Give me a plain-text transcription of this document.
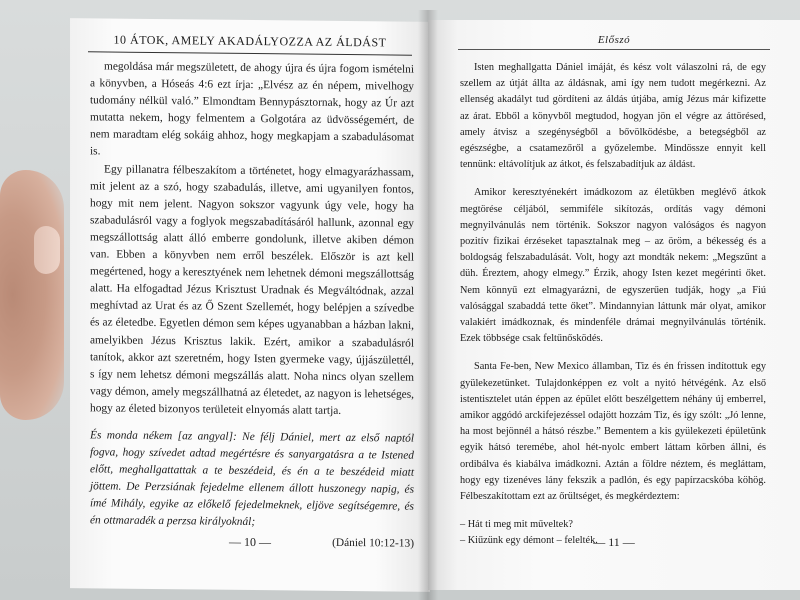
10 ÁTOK, AMELY AKADÁLYOZZA AZ ÁLDÁST

megoldása már megszületett, de ahogy újra és újra fogom ismételni a könyvben, a Hóseás 4:6 ezt írja: „Elvész az én népem, mivelhogy tudomány nélkül való.” Elmondtam Bennypásztornak, hogy az Úr azt mutatta nekem, hogy felmentem a Golgotára az üdvösségemért, de nem maradtam elég sokáig ahhoz, hogy megkapjam a szabadulásomat is.

Egy pillanatra félbeszakítom a történetet, hogy elmagyarázhassam, mit jelent az a szó, hogy szabadulás, illetve, ami ugyanilyen fontos, hogy mit nem jelent. Nagyon sokszor vagyunk úgy vele, hogy ha szabadulásról vagy a foglyok megszabadításáról hallunk, azonnal egy megszállottság alatt álló emberre gondolunk, illetve akiben démon van. Ebben a könyvben nem erről beszélek. Először is azt kell megértened, hogy a keresztyének nem lehetnek démoni megszállottság alatt. Ha elfogadtad Jézus Krisztust Uradnak és Megváltódnak, azzal meghívtad az Urat és az Ő Szent Szellemét, hogy belépjen a szívedbe és az életedbe. Egyetlen démon sem képes ugyanabban a házban lakni, amelyikben Jézus Krisztus lakik. Ezért, amikor a szabadulásról tanítok, akkor azt szeretném, hogy Isten gyermeke vagy, újjászülettél, s így nem lehetsz démoni megszállás alatt. Noha nincs olyan szellem vagy démon, amely megszállhatná az életedet, az nagyon is lehetséges, hogy az életed bizonyos területeit elnyomás alatt tartja.

És monda nékem [az angyal]: Ne félj Dániel, mert az első naptól fogva, hogy szívedet adtad megértésre és sanyargatásra a te Istened előtt, meghallgattattak a te beszédeid, és én a te beszédeid miatt jöttem. De Perzsiának fejedelme ellenem állott huszonegy napig, és ímé Mihály, egyike az előkelő fejedelmeknek, eljöve segítségemre, és én ottmaradék a perzsa királyoknál;

(Dániel 10:12-13)
— 10 —
Előszó

Isten meghallgatta Dániel imáját, és kész volt válaszolni rá, de egy szellem az útját állta az áldásnak, ami így nem tudott megérkezni. Az ellenség akadályt tud gördíteni az áldás útjába, amíg Jézus már kifizette az árat. Ebből a könyvből megtudod, hogyan jön el végre az áttörésed, amely átvisz a szegénységből a bővölködésbe, a betegségből az egészségbe, a csatamezőről a győzelembe. Mindössze ennyit kell tennünk: eltávolítjuk az átkot, és felszabadítjuk az áldást.

Amikor keresztyénekért imádkozom az életükben meglévő átkok megtörése céljából, semmiféle sikítozás, ordítás vagy démoni megnyilvánulás nem történik. Sokszor nagyon valóságos és nagyon pozitív fizikai érzéseket tapasztalnak meg – az öröm, a békesség és a boldogság felszabadulását. Volt, hogy azt mondták nekem: „Megszűnt a düh. Éreztem, ahogy elmegy.” Érzik, ahogy Isten kezet megérinti őket. Nem könnyű ezt elmagyarázni, de egyszerűen tudják, hogy „a Fiú valósággal szabaddá tette őket”. Mindannyian láttunk már olyat, amikor valakiért imádkoznak, és mindenféle drámai megnyilvánulás történik. Ezek többsége csak feltűnősködés.

Santa Fe-ben, New Mexico államban, Tiz és én frissen indítottuk egy gyülekezetünket. Tulajdonképpen ez volt a nyitó hétvégénk. Az első istentisztelet után éppen az épület előtt beszélgettem néhány új emberrel, amikor aggódó arckifejezéssel odajött hozzám Tiz, és így szólt: „Jó lenne, ha most bejönnél a hátsó részbe.” Bementem a kis gyülekezeti épületünk egyik hátsó teremébe, ahol hét-nyolc embert láttam körben állni, és ordibálva és kiabálva imádkozni. Aztán a földre néztem, és megláttam, hogy egy tizenéves lány fekszik a padlón, és egy papírzacskóba köhög. Félbeszakítottam ezt az őrültséget, és megkérdeztem:

– Hát ti meg mit műveltek?

– Kiűzünk egy démont – felelték.

— 11 —
